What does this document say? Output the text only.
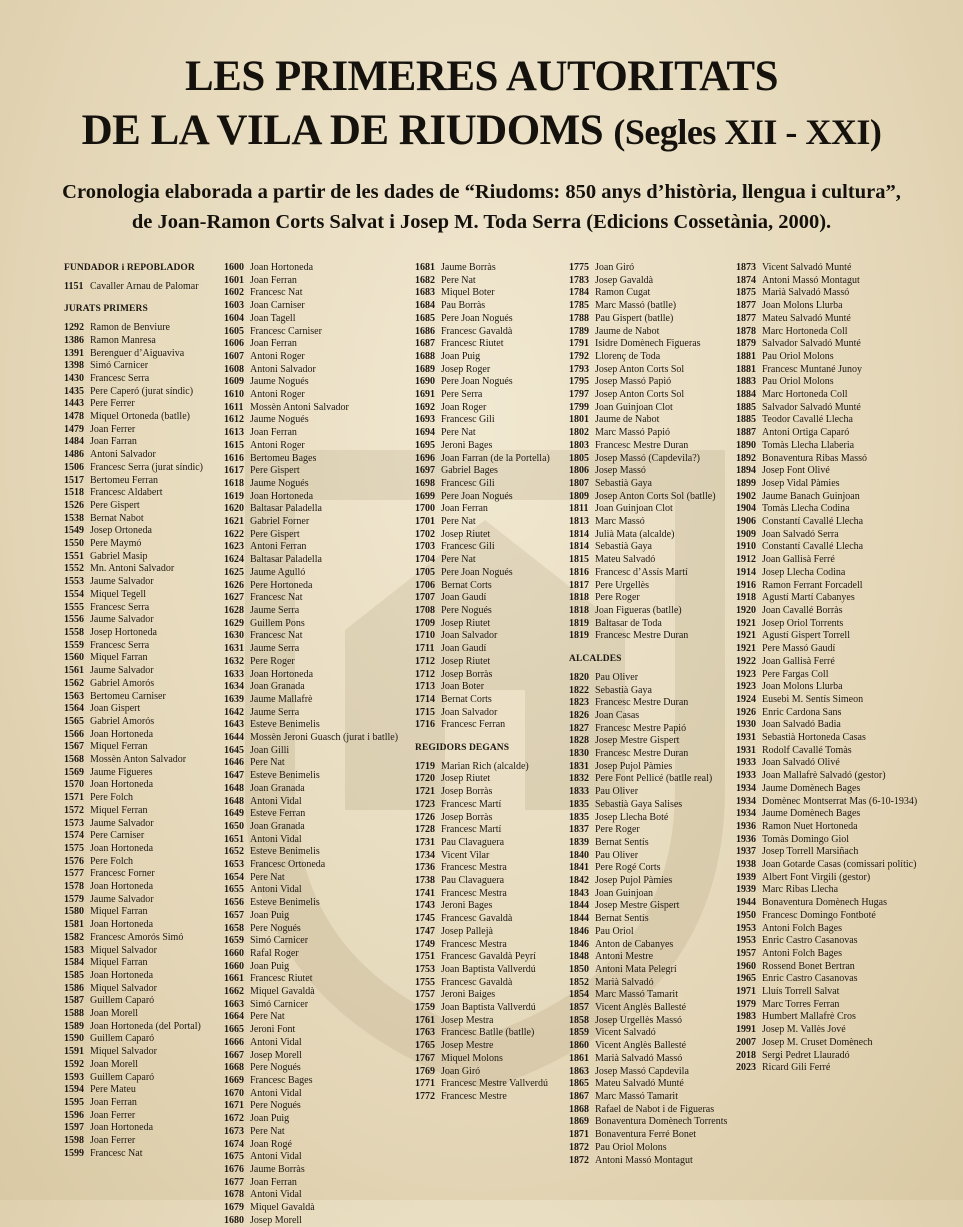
LES PRIMERES AUTORITATS
DE LA VILA DE RIUDOMS (Segles XII - XXI)

Cronologia elaborada a partir de les dades de “Riudoms: 850 anys d’història, llengua i cultura”,

de Joan-Ramon Corts Salvat i Josep M. Toda Serra (Edicions Cossetània, 2000).

FUNDADOR i REPOBLADOR
1151 Cavaller Arnau de Palomar
JURATS PRIMERS
1292 Ramon de Benviure
1386 Ramon Manresa
1391 Berenguer d’Aiguaviva
1398 Simó Carnicer
1430 Francesc Serra
1435 Pere Caperó (jurat síndic)
1443 Pere Ferrer
1478 Miquel Ortoneda (batlle)
1479 Joan Ferrer
1484 Joan Farran
1486 Antoni Salvador
1506 Francesc Serra (jurat síndic)
1517 Bertomeu Ferran
1518 Francesc Aldabert
1526 Pere Gispert
1538 Bernat Nabot
1549 Josep Ortoneda
1550 Pere Maymó
1551 Gabriel Masip
1552 Mn. Antoni Salvador
1553 Jaume Salvador
1554 Miquel Tegell
1555 Francesc Serra
1556 Jaume Salvador
1558 Josep Hortoneda
1559 Francesc Serra
1560 Miquel Farran
1561 Jaume Salvador
1562 Gabriel Amorós
1563 Bertomeu Carniser
1564 Joan Gispert
1565 Gabriel Amorós
1566 Joan Hortoneda
1567 Miquel Ferran
1568 Mossèn Anton Salvador
1569 Jaume Figueres
1570 Joan Hortoneda
1571 Pere Folch
1572 Miquel Ferran
1573 Jaume Salvador
1574 Pere Carniser
1575 Joan Hortoneda
1576 Pere Folch
1577 Francesc Forner
1578 Joan Hortoneda
1579 Jaume Salvador
1580 Miquel Farran
1581 Joan Hortoneda
1582 Francesc Amorós Simó
1583 Miquel Salvador
1584 Miquel Farran
1585 Joan Hortoneda
1586 Miquel Salvador
1587 Guillem Caparó
1588 Joan Morell
1589 Joan Hortoneda (del Portal)
1590 Guillem Caparó
1591 Miquel Salvador
1592 Joan Morell
1593 Guillem Caparó
1594 Pere Mateu
1595 Joan Ferran
1596 Joan Ferrer
1597 Joan Hortoneda
1598 Joan Ferrer
1599 Francesc Nat
1600 Joan Hortoneda
1601 Joan Ferran
1602 Francesc Nat
1603 Joan Carniser
1604 Joan Tagell
1605 Francesc Carniser
1606 Joan Ferran
1607 Antoni Roger
1608 Antoni Salvador
1609 Jaume Nogués
1610 Antoni Roger
1611 Mossèn Antoni Salvador
1612 Jaume Nogués
1613 Joan Ferran
1615 Antoni Roger
1616 Bertomeu Bages
1617 Pere Gispert
1618 Jaume Nogués
1619 Joan Hortoneda
1620 Baltasar Paladella
1621 Gabriel Forner
1622 Pere Gispert
1623 Antoni Ferran
1624 Baltasar Paladella
1625 Jaume Agulló
1626 Pere Hortoneda
1627 Francesc Nat
1628 Jaume Serra
1629 Guillem Pons
1630 Francesc Nat
1631 Jaume Serra
1632 Pere Roger
1633 Joan Hortoneda
1634 Joan Granada
1639 Jaume Mallafrè
1642 Jaume Serra
1643 Esteve Benimelis
1644 Mossèn Jeroni Guasch (jurat i batlle)
1645 Joan Gilli
1646 Pere Nat
1647 Esteve Benimelis
1648 Joan Granada
1648 Antoni Vidal
1649 Esteve Ferran
1650 Joan Granada
1651 Antoni Vidal
1652 Esteve Benimelis
1653 Francesc Ortoneda
1654 Pere Nat
1655 Antoni Vidal
1656 Esteve Benimelis
1657 Joan Puig
1658 Pere Nogués
1659 Simó Carnicer
1660 Rafal Roger
1660 Joan Puig
1661 Francesc Riutet
1662 Miquel Gavaldà
1663 Simó Carnicer
1664 Pere Nat
1665 Jeroni Font
1666 Antoni Vidal
1667 Josep Morell
1668 Pere Nogués
1669 Francesc Bages
1670 Antoni Vidal
1671 Pere Nogués
1672 Joan Puig
1673 Pere Nat
1674 Joan Rogé
1675 Antoni Vidal
1676 Jaume Borràs
1677 Joan Ferran
1678 Antoni Vidal
1679 Miquel Gavaldà
1680 Josep Morell
1681 Jaume Borràs
1682 Pere Nat
1683 Miquel Boter
1684 Pau Borràs
1685 Pere Joan Nogués
1686 Francesc Gavaldà
1687 Francesc Riutet
1688 Joan Puig
1689 Josep Roger
1690 Pere Joan Nogués
1691 Pere Serra
1692 Joan Roger
1693 Francesc Gili
1694 Pere Nat
1695 Jeroni Bages
1696 Joan Farran (de la Portella)
1697 Gabriel Bages
1698 Francesc Gili
1699 Pere Joan Nogués
1700 Joan Ferran
1701 Pere Nat
1702 Josep Riutet
1703 Francesc Gili
1704 Pere Nat
1705 Pere Joan Nogués
1706 Bernat Corts
1707 Joan Gaudí
1708 Pere Nogués
1709 Josep Riutet
1710 Joan Salvador
1711 Joan Gaudí
1712 Josep Riutet
1712 Josep Borràs
1713 Joan Boter
1714 Bernat Corts
1715 Joan Salvador
1716 Francesc Ferran
REGIDORS DEGANS
1719 Marian Rich (alcalde)
1720 Josep Riutet
1721 Josep Borràs
1723 Francesc Martí
1726 Josep Borràs
1728 Francesc Martí
1731 Pau Clavaguera
1734 Vicent Vilar
1736 Francesc Mestra
1738 Pau Clavaguera
1741 Francesc Mestra
1743 Jeroni Bages
1745 Francesc Gavaldà
1747 Josep Pallejà
1749 Francesc Mestra
1751 Francesc Gavaldà Peyrí
1753 Joan Baptista Vallverdú
1755 Francesc Gavaldà
1757 Jeroni Baiges
1759 Joan Baptista Vallverdú
1761 Josep Mestra
1763 Francesc Batlle (batlle)
1765 Josep Mestre
1767 Miquel Molons
1769 Joan Giró
1771 Francesc Mestre Vallverdú
1772 Francesc Mestre
1775 Joan Giró
1783 Josep Gavaldà
1784 Ramon Cugat
1785 Marc Massó (batlle)
1788 Pau Gispert (batlle)
1789 Jaume de Nabot
1791 Isidre Domènech Figueras
1792 Llorenç de Toda
1793 Josep Anton Corts Sol
1795 Josep Massó Papió
1797 Josep Anton Corts Sol
1799 Joan Guinjoan Clot
1801 Jaume de Nabot
1802 Marc Massó Papió
1803 Francesc Mestre Duran
1805 Josep Massó (Capdevila?)
1806 Josep Massó
1807 Sebastià Gaya
1809 Josep Anton Corts Sol (batlle)
1811 Joan Guinjoan Clot
1813 Marc Massó
1814 Julià Mata (alcalde)
1814 Sebastià Gaya
1815 Mateu Salvadó
1816 Francesc d’Assís Martí
1817 Pere Urgellès
1818 Pere Roger
1818 Joan Figueras (batlle)
1819 Baltasar de Toda
1819 Francesc Mestre Duran
ALCALDES
1820 Pau Oliver
1822 Sebastià Gaya
1823 Francesc Mestre Duran
1826 Joan Casas
1827 Francesc Mestre Papió
1828 Josep Mestre Gispert
1830 Francesc Mestre Duran
1831 Josep Pujol Pàmies
1832 Pere Font Pellicé (batlle real)
1833 Pau Oliver
1835 Sebastià Gaya Salises
1835 Josep Llecha Boté
1837 Pere Roger
1839 Bernat Sentís
1840 Pau Oliver
1841 Pere Rogé Corts
1842 Josep Pujol Pàmies
1843 Joan Guinjoan
1844 Josep Mestre Gispert
1844 Bernat Sentís
1846 Pau Oriol
1846 Anton de Cabanyes
1848 Antoni Mestre
1850 Antoni Mata Pelegrí
1852 Marià Salvadó
1854 Marc Massó Tamarit
1857 Vicent Anglès Ballesté
1858 Josep Urgellès Massó
1859 Vicent Salvadó
1860 Vicent Anglès Ballesté
1861 Marià Salvadó Massó
1863 Josep Massó Capdevila
1865 Mateu Salvadó Munté
1867 Marc Massó Tamarit
1868 Rafael de Nabot i de Figueras
1869 Bonaventura Domènech Torrents
1871 Bonaventura Ferré Bonet
1872 Pau Oriol Molons
1872 Antoni Massó Montagut
1873 Vicent Salvadó Munté
1874 Antoni Massó Montagut
1875 Marià Salvadó Massó
1877 Joan Molons Llurba
1877 Mateu Salvadó Munté
1878 Marc Hortoneda Coll
1879 Salvador Salvadó Munté
1881 Pau Oriol Molons
1881 Francesc Muntané Junoy
1883 Pau Oriol Molons
1884 Marc Hortoneda Coll
1885 Salvador Salvadó Munté
1885 Teodor Cavallé Llecha
1887 Antoni Ortiga Caparó
1890 Tomàs Llecha Llaberia
1892 Bonaventura Ribas Massó
1894 Josep Font Olivé
1899 Josep Vidal Pàmies
1902 Jaume Banach Guinjoan
1904 Tomàs Llecha Codina
1906 Constantí Cavallé Llecha
1909 Joan Salvadó Serra
1910 Constantí Cavallé Llecha
1912 Joan Gallisà Ferré
1914 Josep Llecha Codina
1916 Ramon Ferrant Forcadell
1918 Agustí Martí Cabanyes
1920 Joan Cavallé Borràs
1921 Josep Oriol Torrents
1921 Agustí Gispert Torrell
1921 Pere Massó Gaudí
1922 Joan Gallisà Ferré
1923 Pere Fargas Coll
1923 Joan Molons Llurba
1924 Eusebi M. Sentís Simeon
1926 Enric Cardona Sans
1930 Joan Salvadó Badia
1931 Sebastià Hortoneda Casas
1931 Rodolf Cavallé Tomàs
1933 Joan Salvadó Olivé
1933 Joan Mallafrè Salvadó (gestor)
1934 Jaume Domènech Bages
1934 Domènec Montserrat Mas (6-10-1934)
1934 Jaume Domènech Bages
1936 Ramon Nuet Hortoneda
1936 Tomàs Domingo Giol
1937 Josep Torrell Marsiñach
1938 Joan Gotarde Casas (comissari polític)
1939 Albert Font Virgili (gestor)
1939 Marc Ribas Llecha
1944 Bonaventura Domènech Hugas
1950 Francesc Domingo Fontboté
1953 Antoni Folch Bages
1953 Enric Castro Casanovas
1957 Antoni Folch Bages
1960 Rossend Bonet Bertran
1965 Enric Castro Casanovas
1971 Lluís Torrell Salvat
1979 Marc Torres Ferran
1983 Humbert Mallafrè Cros
1991 Josep M. Vallès Jové
2007 Josep M. Cruset Domènech
2018 Sergi Pedret Llauradó
2023 Ricard Gili Ferré
